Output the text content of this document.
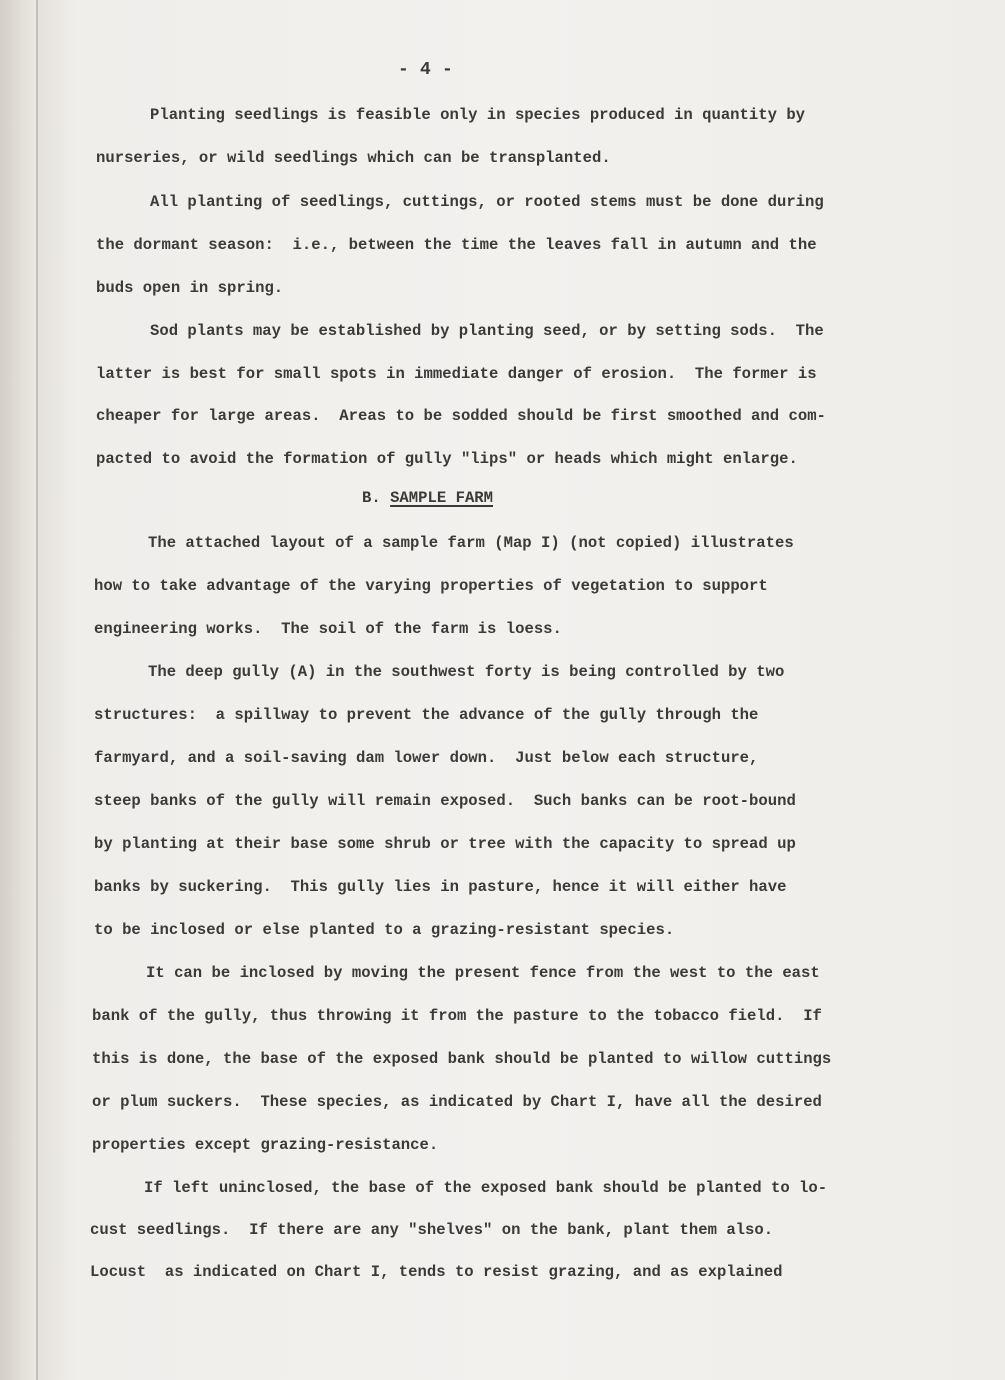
- 4 -
Planting seedlings is feasible only in species produced in quantity by
nurseries, or wild seedlings which can be transplanted.
All planting of seedlings, cuttings, or rooted stems must be done during
the dormant season:  i.e., between the time the leaves fall in autumn and the
buds open in spring.
Sod plants may be established by planting seed, or by setting sods.  The
latter is best for small spots in immediate danger of erosion.  The former is
cheaper for large areas.  Areas to be sodded should be first smoothed and com-
pacted to avoid the formation of gully "lips" or heads which might enlarge.
B. SAMPLE FARM
The attached layout of a sample farm (Map I) (not copied) illustrates
how to take advantage of the varying properties of vegetation to support
engineering works.  The soil of the farm is loess.
The deep gully (A) in the southwest forty is being controlled by two
structures:  a spillway to prevent the advance of the gully through the
farmyard, and a soil-saving dam lower down.  Just below each structure,
steep banks of the gully will remain exposed.  Such banks can be root-bound
by planting at their base some shrub or tree with the capacity to spread up
banks by suckering.  This gully lies in pasture, hence it will either have
to be inclosed or else planted to a grazing-resistant species.
It can be inclosed by moving the present fence from the west to the east
bank of the gully, thus throwing it from the pasture to the tobacco field.  If
this is done, the base of the exposed bank should be planted to willow cuttings
or plum suckers.  These species, as indicated by Chart I, have all the desired
properties except grazing-resistance.
If left uninclosed, the base of the exposed bank should be planted to lo-
cust seedlings.  If there are any "shelves" on the bank, plant them also.
Locust  as indicated on Chart I, tends to resist grazing, and as explained
